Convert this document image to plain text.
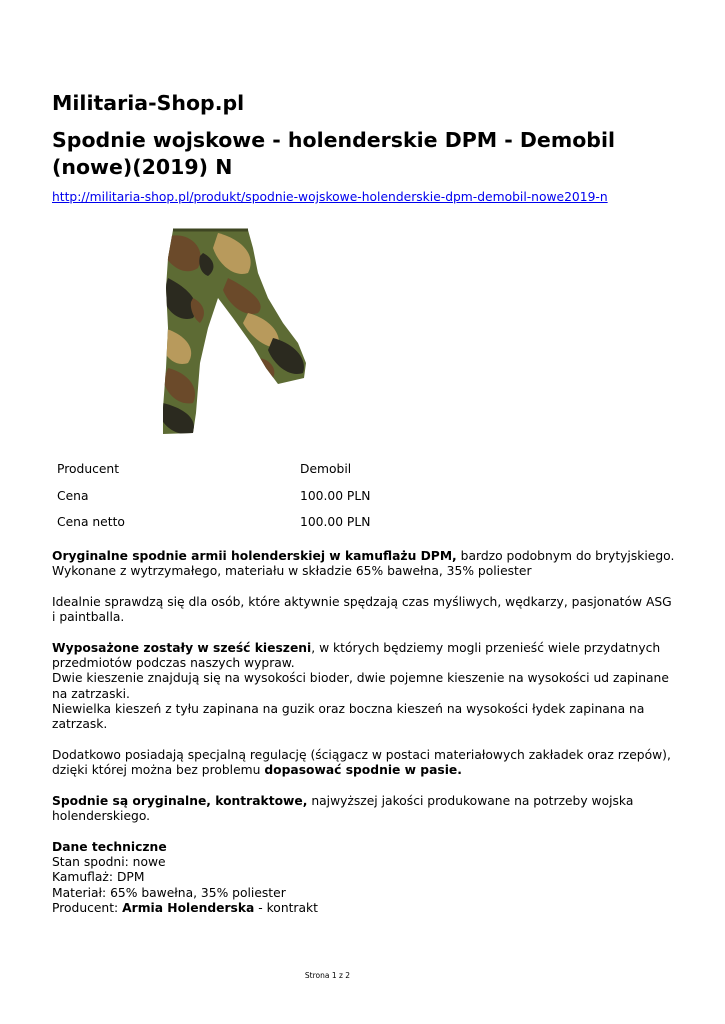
Militaria-Shop.pl
Spodnie wojskowe - holenderskie DPM - Demobil (nowe)(2019) N
http://militaria-shop.pl/produkt/spodnie-wojskowe-holenderskie-dpm-demobil-nowe2019-n
Producent	Demobil
Cena	100.00 PLN
Cena netto	100.00 PLN

Oryginalne spodnie armii holenderskiej w kamuflażu DPM, bardzo podobnym do brytyjskiego.
Wykonane z wytrzymałego, materiału w składzie 65% bawełna, 35% poliester

Idealnie sprawdzą się dla osób, które aktywnie spędzają czas myśliwych, wędkarzy, pasjonatów ASG i paintballa.

Wyposażone zostały w sześć kieszeni, w których będziemy mogli przenieść wiele przydatnych przedmiotów podczas naszych wypraw.
Dwie kieszenie znajdują się na wysokości bioder, dwie pojemne kieszenie na wysokości ud zapinane na zatrzaski.
Niewielka kieszeń z tyłu zapinana na guzik oraz boczna kieszeń na wysokości łydek zapinana na zatrzask.

Dodatkowo posiadają specjalną regulację (ściągacz w postaci materiałowych zakładek oraz rzepów), dzięki której można bez problemu dopasować spodnie w pasie.

Spodnie są oryginalne, kontraktowe, najwyższej jakości produkowane na potrzeby wojska holenderskiego.

Dane techniczne
Stan spodni: nowe
Kamuflaż: DPM
Materiał: 65% bawełna, 35% poliester
Producent: Armia Holenderska - kontrakt

Strona 1 z 2
